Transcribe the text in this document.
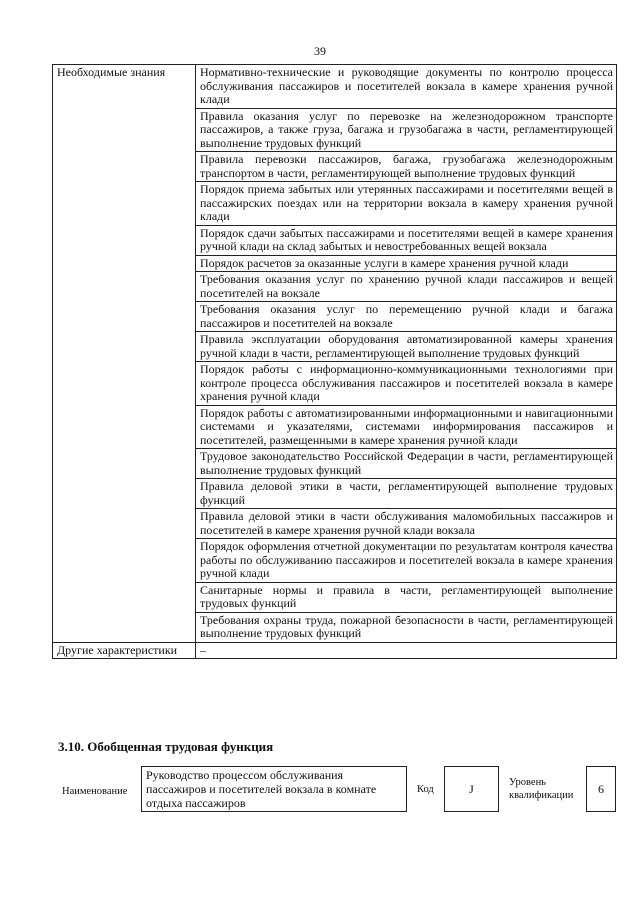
39
Необходимые знания	Нормативно-технические и руководящие документы по контролю процесса обслуживания пассажиров и посетителей вокзала в камере хранения ручной клади
	Правила оказания услуг по перевозке на железнодорожном транспорте пассажиров, а также груза, багажа и грузобагажа в части, регламентирующей выполнение трудовых функций
	Правила перевозки пассажиров, багажа, грузобагажа железнодорожным транспортом в части, регламентирующей выполнение трудовых функций
	Порядок приема забытых или утерянных пассажирами и посетителями вещей в пассажирских поездах или на территории вокзала в камеру хранения ручной клади
	Порядок сдачи забытых пассажирами и посетителями вещей в камере хранения ручной клади на склад забытых и невостребованных вещей вокзала
	Порядок расчетов за оказанные услуги в камере хранения ручной клади
	Требования оказания услуг по хранению ручной клади пассажиров и вещей посетителей на вокзале
	Требования оказания услуг по перемещению ручной клади и багажа пассажиров и посетителей на вокзале
	Правила эксплуатации оборудования автоматизированной камеры хранения ручной клади в части, регламентирующей выполнение трудовых функций
	Порядок работы с информационно-коммуникационными технологиями при контроле процесса обслуживания пассажиров и посетителей вокзала в камере хранения ручной клади
	Порядок работы с автоматизированными информационными и навигационными системами и указателями, системами информирования пассажиров и посетителей, размещенными в камере хранения ручной клади
	Трудовое законодательство Российской Федерации в части, регламентирующей выполнение трудовых функций
	Правила деловой этики в части, регламентирующей выполнение трудовых функций
	Правила деловой этики в части обслуживания маломобильных пассажиров и посетителей в камере хранения ручной клади вокзала
	Порядок оформления отчетной документации по результатам контроля качества работы по обслуживанию пассажиров и посетителей вокзала в камере хранения ручной клади
	Санитарные нормы и правила в части, регламентирующей выполнение трудовых функций
	Требования охраны труда, пожарной безопасности в части, регламентирующей выполнение трудовых функций
Другие характеристики	–
3.10. Обобщенная трудовая функция
Наименование
Руководство процессом обслуживания пассажиров и посетителей вокзала в комнате отдыха пассажиров
Код	J	Уровень квалификации	6
